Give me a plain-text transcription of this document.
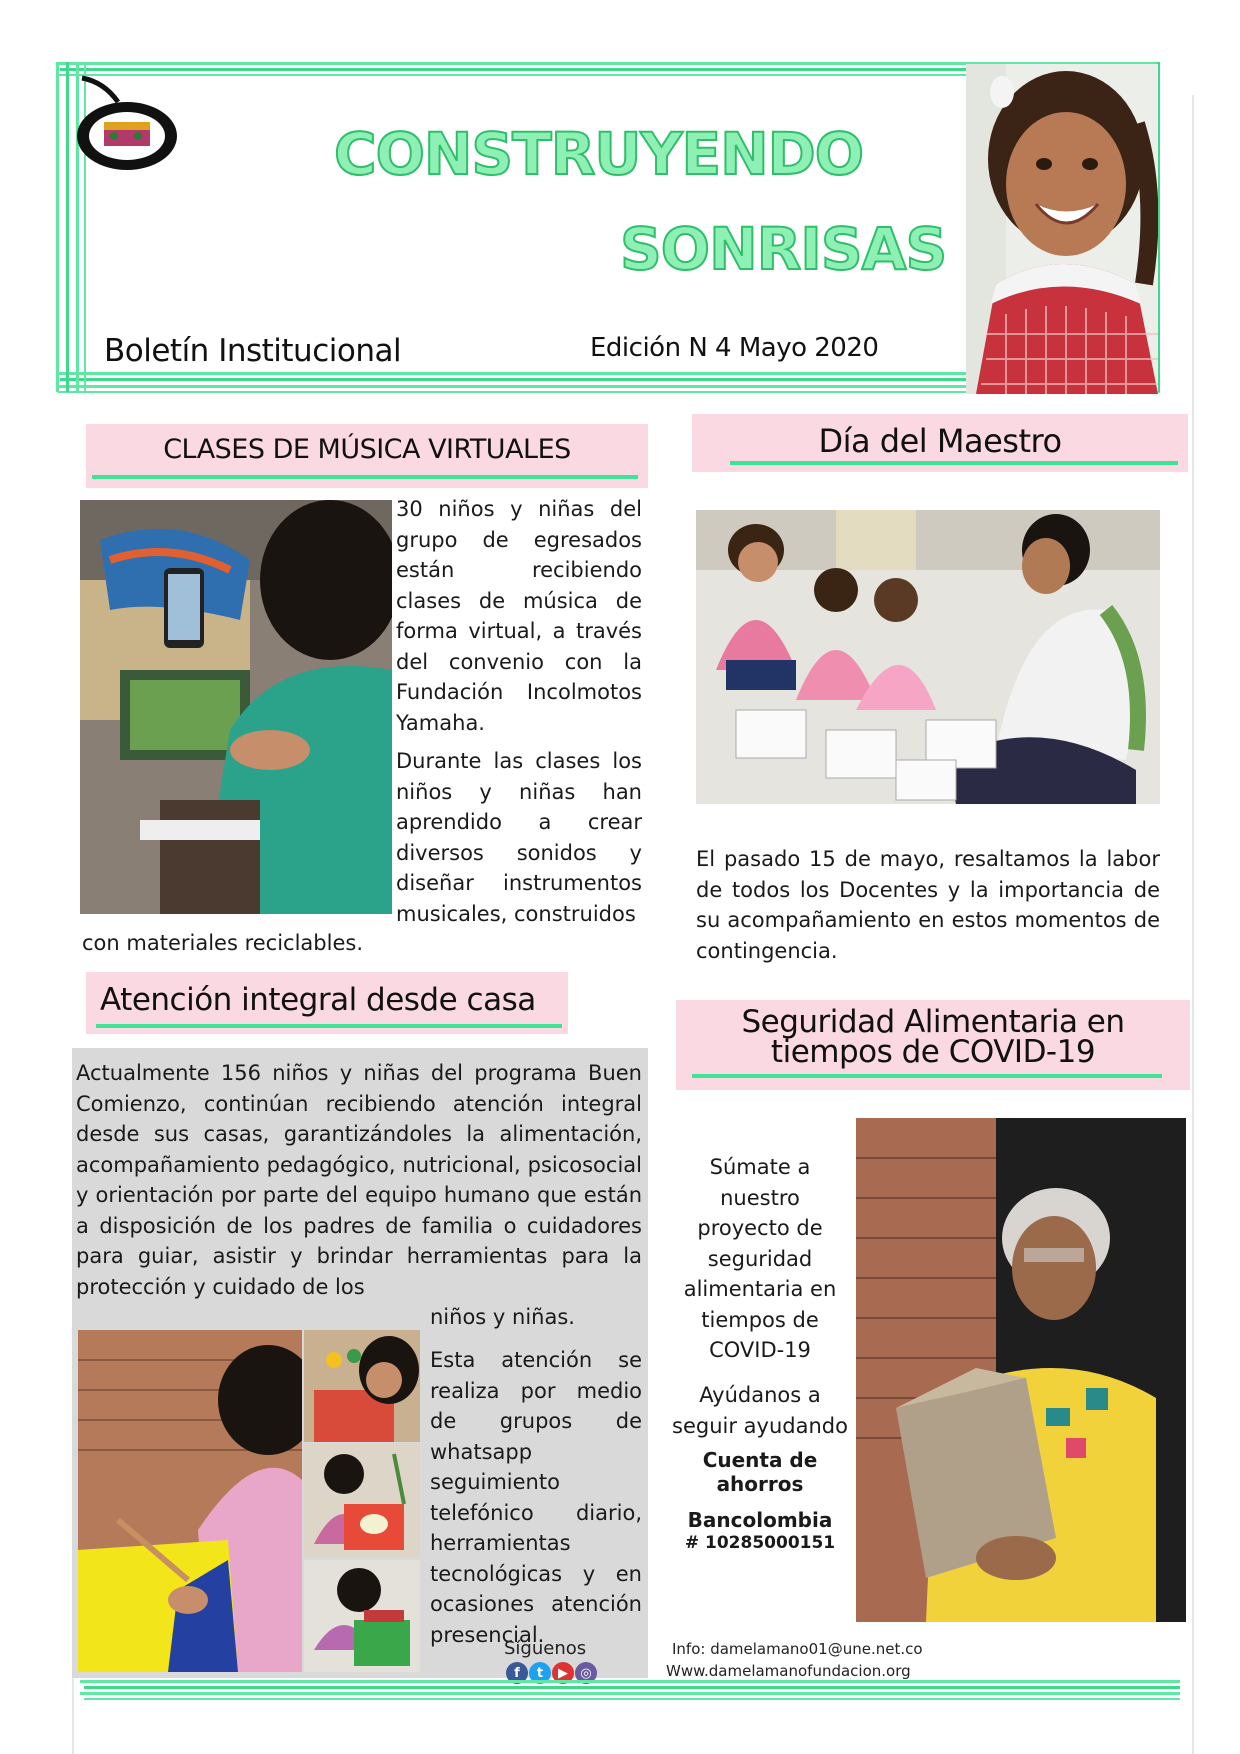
CONSTRUYENDO
SONRISAS
Boletín Institucional	Edición N 4 Mayo 2020
CLASES DE MÚSICA VIRTUALES

30 niños y niñas del grupo de egresados están recibiendo clases de música de forma virtual, a través del convenio con la Fundación Incolmotos Yamaha.

Durante las clases los niños y niñas han aprendido a crear diversos sonidos y diseñar instrumentos musicales, construidos

con materiales reciclables.
Día del Maestro
El pasado 15 de mayo, resaltamos la labor de todos los Docentes y la importancia de su acompañamiento en estos momentos de contingencia.
Atención integral desde casa
Actualmente 156 niños y niñas del programa Buen Comienzo, continúan recibiendo atención integral desde sus casas, garantizándoles la alimentación, acompañamiento pedagógico, nutricional, psicosocial y orientación por parte del equipo humano que están a disposición de los padres de familia o cuidadores para guiar, asistir y brindar herramientas para la protección y cuidado de los
niños y niñas.
Esta atención se realiza por medio de grupos de whatsapp seguimiento telefónico diario, herramientas tecnológicas y en ocasiones atención presencial.
Síguenos
f	t	▶ ◎
Seguridad Alimentaria en
tiempos de COVID-19
Súmate a nuestro proyecto de seguridad alimentaria en tiempos de COVID-19
Ayúdanos a seguir ayudando
Cuenta de ahorros
Bancolombia
# 10285000151
Info: damelamano01@une.net.co
Www.damelamanofundacion.org
